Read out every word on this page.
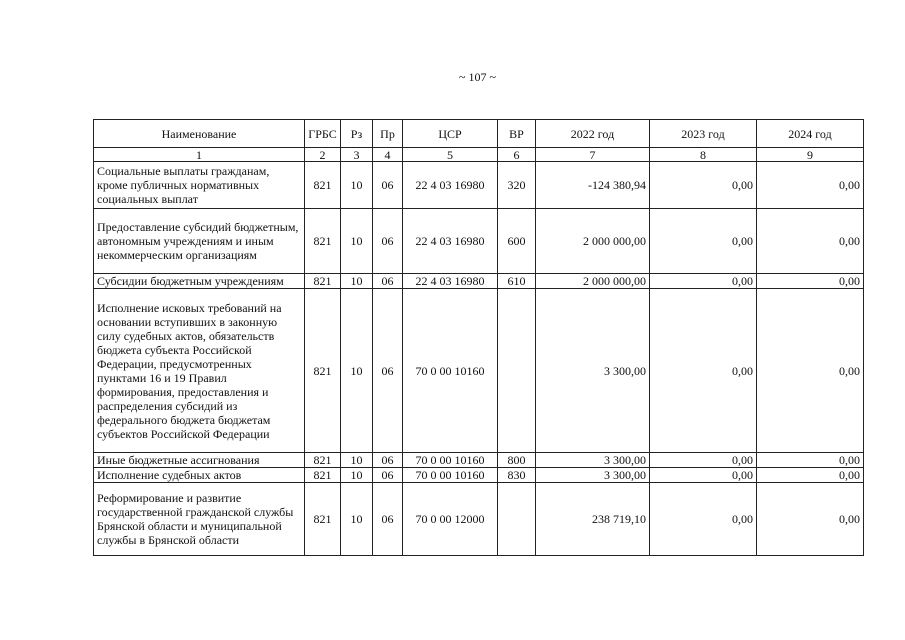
~ 107 ~
Наименование	ГРБС	Рз	Пр	ЦСР	ВР	2022 год	2023 год	2024 год
1	2	3	4	5	6	7	8	9
Социальные выплаты гражданам, кроме публичных нормативных социальных выплат	821	10	06	22 4 03 16980	320	-124 380,94	0,00	0,00
Предоставление субсидий бюджетным, автономным учреждениям и иным некоммерческим организациям	821	10	06	22 4 03 16980	600	2 000 000,00	0,00	0,00
Субсидии бюджетным учреждениям	821	10	06	22 4 03 16980	610	2 000 000,00	0,00	0,00
Исполнение исковых требований на основании вступивших в законную силу судебных актов, обязательств бюджета субъекта Российской Федерации, предусмотренных пунктами 16 и 19 Правил формирования, предоставления и распределения субсидий из федерального бюджета бюджетам субъектов Российской Федерации	821	10	06	70 0 00 10160		3 300,00	0,00	0,00
Иные бюджетные ассигнования	821	10	06	70 0 00 10160	800	3 300,00	0,00	0,00
Исполнение судебных актов	821	10	06	70 0 00 10160	830	3 300,00	0,00	0,00
Реформирование и развитие государственной гражданской службы Брянской области и муниципальной службы в Брянской области	821	10	06	70 0 00 12000		238 719,10	0,00	0,00
